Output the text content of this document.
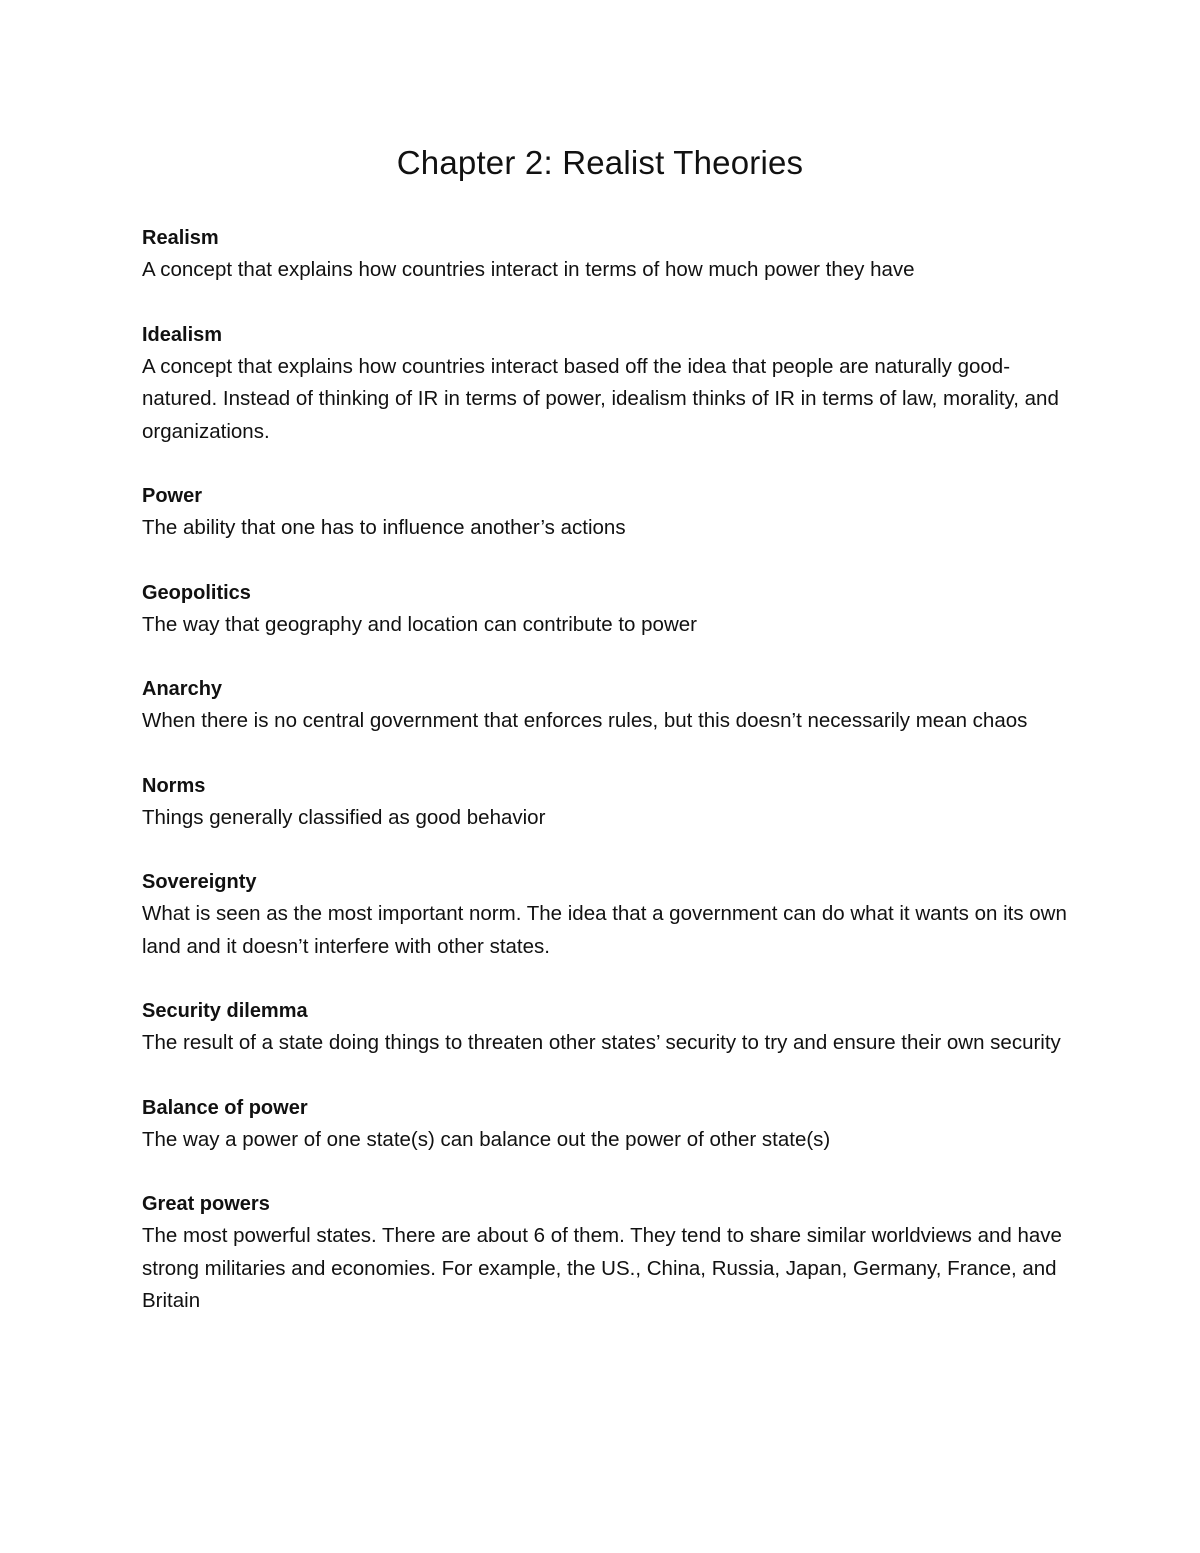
Chapter 2: Realist Theories

Realism

A concept that explains how countries interact in terms of how much power they have

Idealism

A concept that explains how countries interact based off the idea that people are naturally good-natured. Instead of thinking of IR in terms of power, idealism thinks of IR in terms of law, morality, and organizations.

Power

The ability that one has to influence another’s actions

Geopolitics

The way that geography and location can contribute to power

Anarchy

When there is no central government that enforces rules, but this doesn’t necessarily mean chaos

Norms

Things generally classified as good behavior

Sovereignty

What is seen as the most important norm. The idea that a government can do what it wants on its own land and it doesn’t interfere with other states.

Security dilemma

The result of a state doing things to threaten other states’ security to try and ensure their own security

Balance of power

The way a power of one state(s) can balance out the power of other state(s)

Great powers

The most powerful states. There are about 6 of them. They tend to share similar worldviews and have strong militaries and economies. For example, the US., China, Russia, Japan, Germany, France, and Britain
